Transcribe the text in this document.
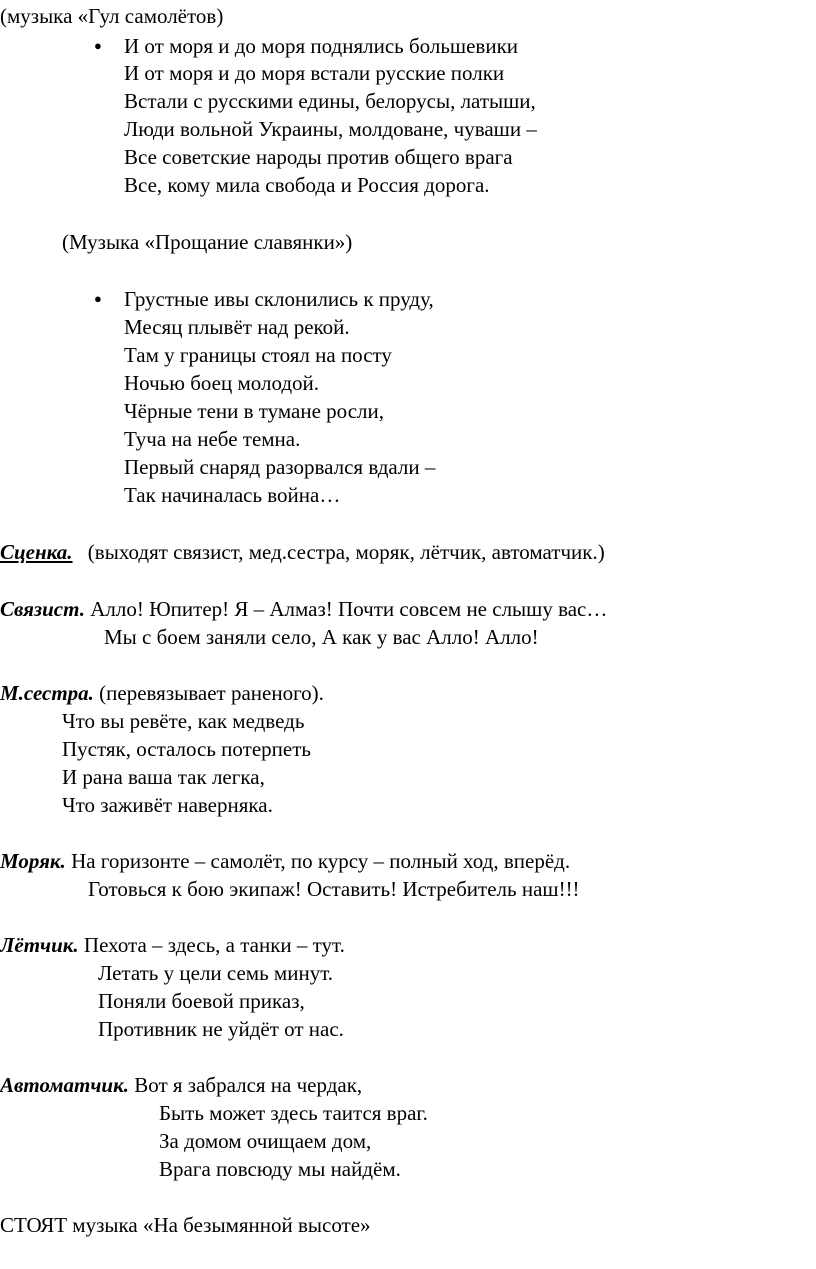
(музыка «Гул самолётов)
● И от моря и до моря поднялись большевики
И от моря и до моря встали русские полки
Встали с русскими едины, белорусы, латыши,
Люди вольной Украины, молдоване, чуваши –
Все советские народы против общего врага
Все, кому мила свобода и Россия дорога.
(Музыка «Прощание славянки»)
● Грустные ивы склонились к пруду,
Месяц плывёт над рекой.
Там у границы стоял на посту
Ночью боец молодой.
Чёрные тени в тумане росли,
Туча на небе темна.
Первый снаряд разорвался вдали –
Так начиналась война…
Сценка. (выходят связист, мед.сестра, моряк, лётчик, автоматчик.)
Связист. Алло! Юпитер! Я – Алмаз! Почти совсем не слышу вас…
Мы с боем заняли село, А как у вас Алло! Алло!
М.сестра. (перевязывает раненого).
Что вы ревёте, как медведь
Пустяк, осталось потерпеть
И рана ваша так легка,
Что заживёт наверняка.
Моряк. На горизонте – самолёт, по курсу – полный ход, вперёд.
Готовься к бою экипаж! Оставить! Истребитель наш!!!
Лётчик. Пехота – здесь, а танки – тут.
Летать у цели семь минут.
Поняли боевой приказ,
Противник не уйдёт от нас.
Автоматчик. Вот я забрался на чердак,
Быть может здесь таится враг.
За домом очищаем дом,
Врага повсюду мы найдём.
СТОЯТ музыка «На безымянной высоте»
